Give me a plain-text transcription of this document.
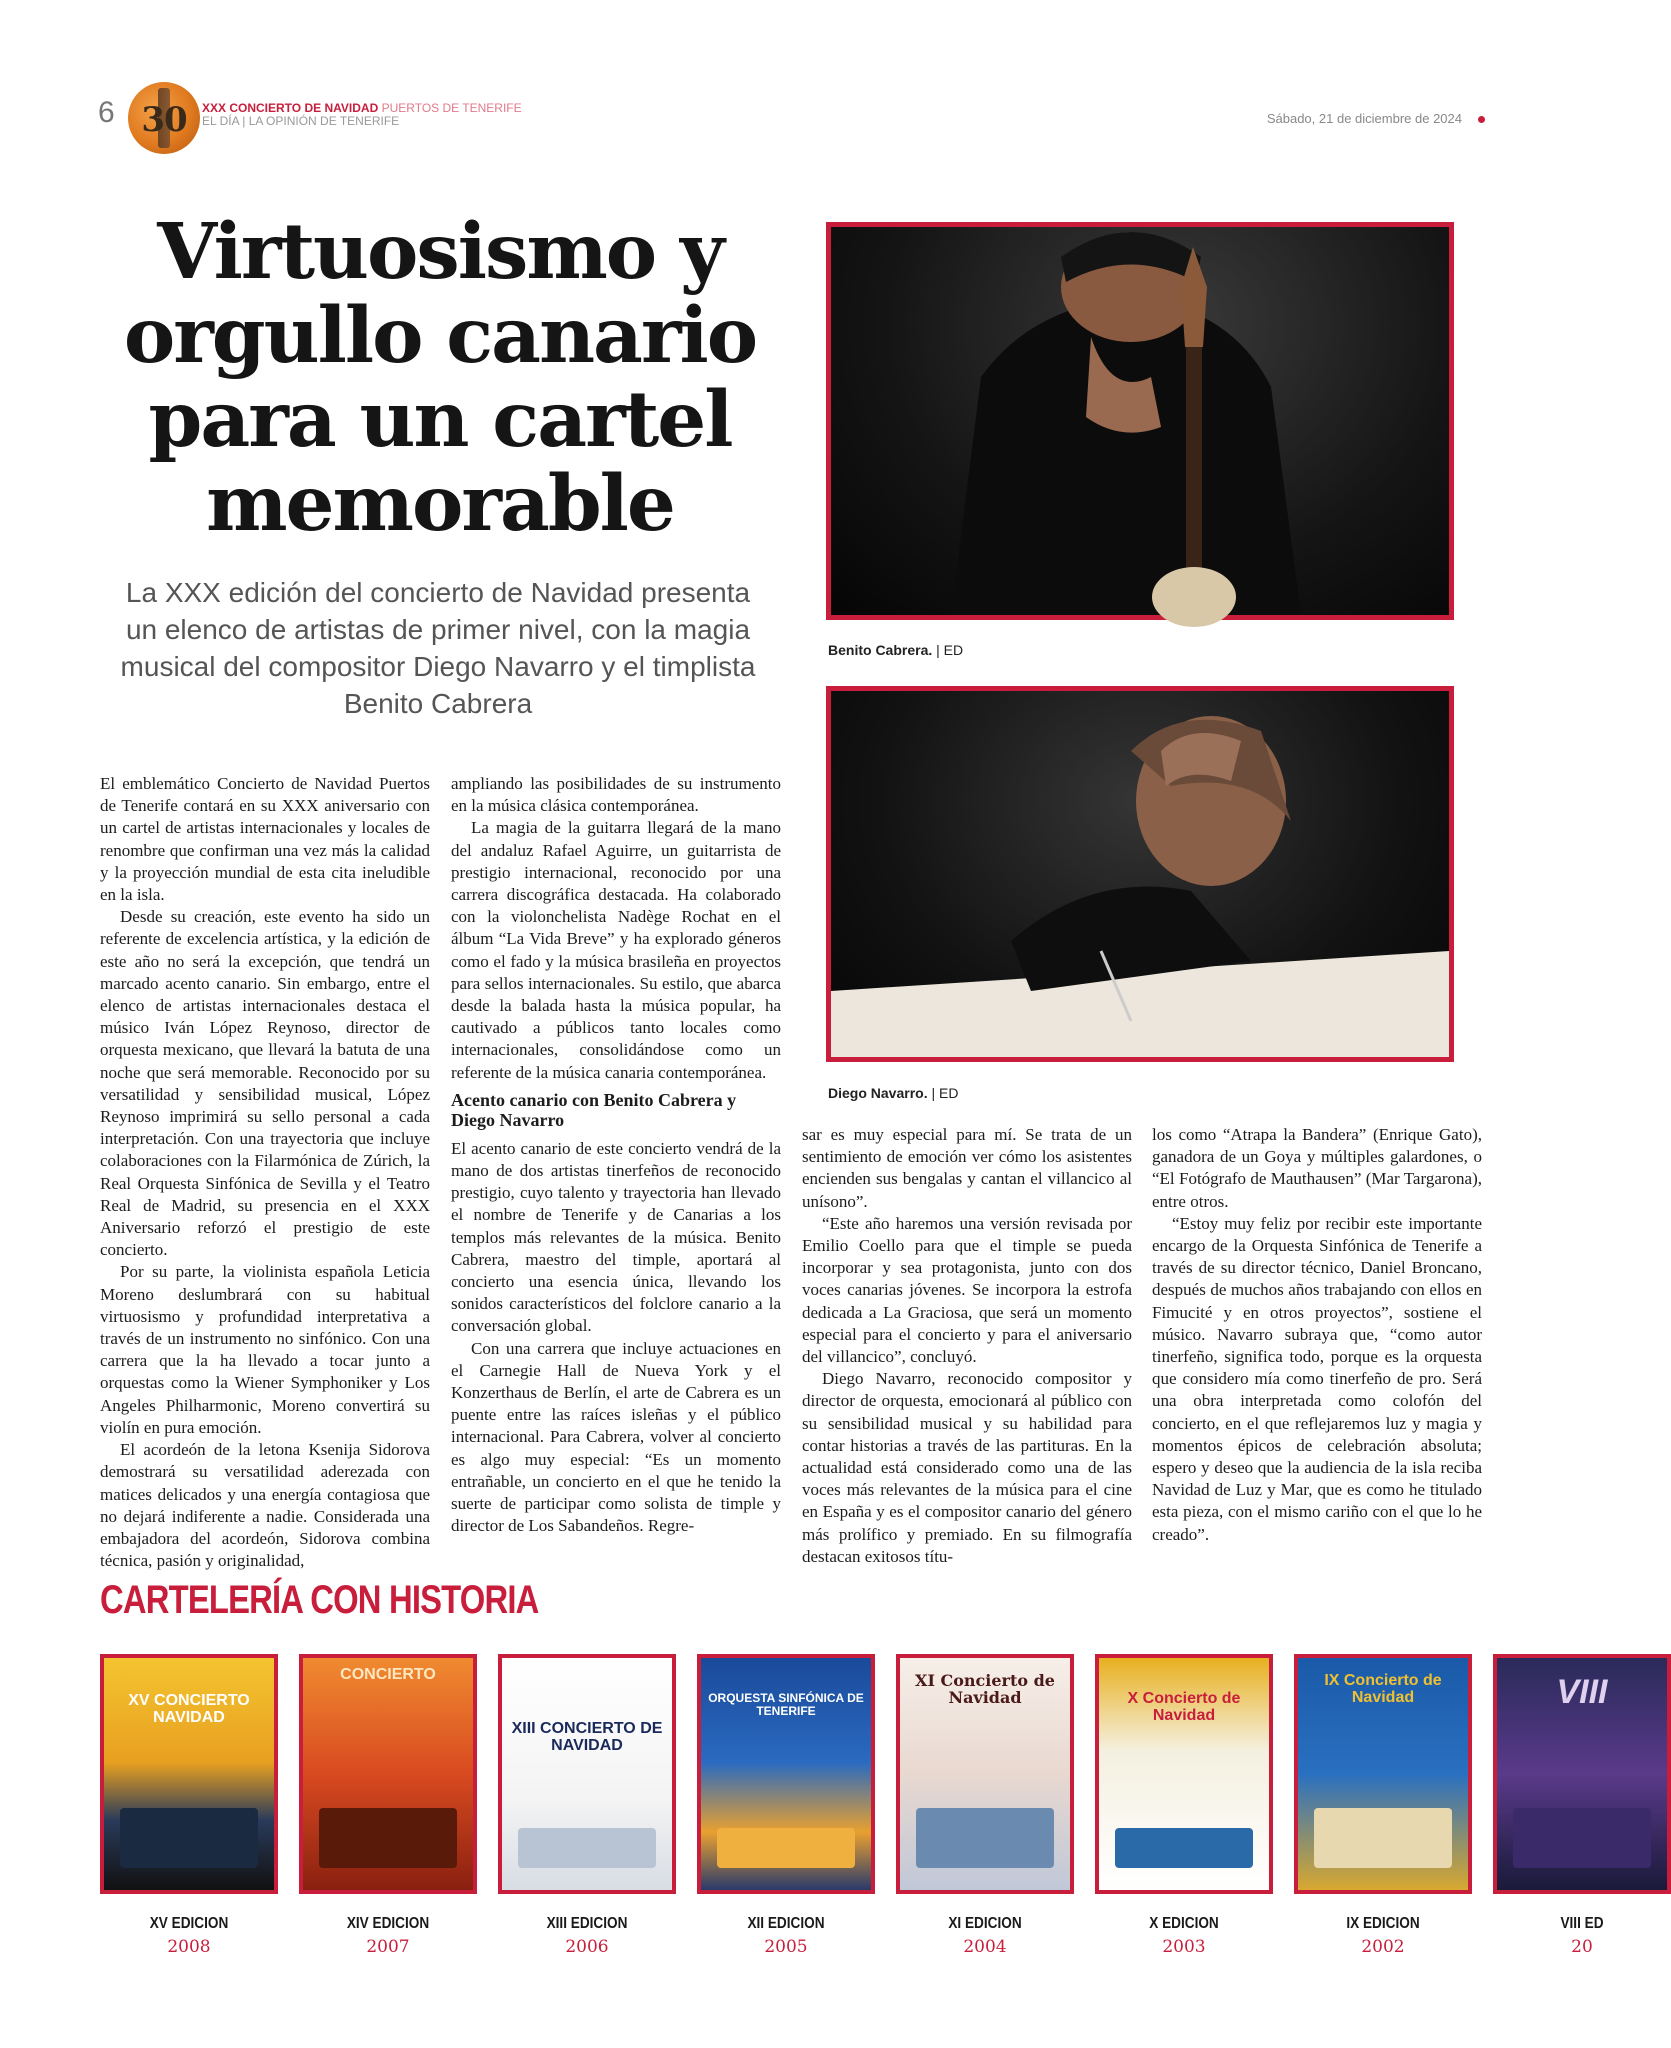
6 30	XXX CONCIERTO DE NAVIDAD PUERTOS DE TENERIFE
EL DÍA | LA OPINIÓN DE TENERIFE	Sábado, 21 de diciembre de 2024
Virtuosismo y orgullo canario para un cartel memorable

La XXX edición del concierto de Navidad presenta un elenco de artistas de primer nivel, con la magia musical del compositor Diego Navarro y el timplista Benito Cabrera

Benito Cabrera. | ED
Diego Navarro. | ED

El emblemático Concierto de Navidad Puertos de Tenerife contará en su XXX aniversario con un cartel de artistas internacionales y locales de renombre que confirman una vez más la calidad y la proyección mundial de esta cita ineludible en la isla.

Desde su creación, este evento ha sido un referente de excelencia artística, y la edición de este año no será la excepción, que tendrá un marcado acento canario. Sin embargo, entre el elenco de artistas internacionales destaca el músico Iván López Reynoso, director de orquesta mexicano, que llevará la batuta de una noche que será memorable. Reconocido por su versatilidad y sensibilidad musical, López Reynoso imprimirá su sello personal a cada interpretación. Con una trayectoria que incluye colaboraciones con la Filarmónica de Zúrich, la Real Orquesta Sinfónica de Sevilla y el Teatro Real de Madrid, su presencia en el XXX Aniversario reforzó el prestigio de este concierto.

Por su parte, la violinista española Leticia Moreno deslumbrará con su habitual virtuosismo y profundidad interpretativa a través de un instrumento no sinfónico. Con una carrera que la ha llevado a tocar junto a orquestas como la Wiener Symphoniker y Los Angeles Philharmonic, Moreno convertirá su violín en pura emoción.

El acordeón de la letona Ksenija Sidorova demostrará su versatilidad aderezada con matices delicados y una energía contagiosa que no dejará indiferente a nadie. Considerada una embajadora del acordeón, Sidorova combina técnica, pasión y originalidad,

ampliando las posibilidades de su instrumento en la música clásica contemporánea.

La magia de la guitarra llegará de la mano del andaluz Rafael Aguirre, un guitarrista de prestigio internacional, reconocido por una carrera discográfica destacada. Ha colaborado con la violonchelista Nadège Rochat en el álbum “La Vida Breve” y ha explorado géneros como el fado y la música brasileña en proyectos para sellos internacionales. Su estilo, que abarca desde la balada hasta la música popular, ha cautivado a públicos tanto locales como internacionales, consolidándose como un referente de la música canaria contemporánea.

Acento canario con Benito Cabrera y Diego Navarro

El acento canario de este concierto vendrá de la mano de dos artistas tinerfeños de reconocido prestigio, cuyo talento y trayectoria han llevado el nombre de Tenerife y de Canarias a los templos más relevantes de la música. Benito Cabrera, maestro del timple, aportará al concierto una esencia única, llevando los sonidos característicos del folclore canario a la conversación global.

Con una carrera que incluye actuaciones en el Carnegie Hall de Nueva York y el Konzerthaus de Berlín, el arte de Cabrera es un puente entre las raíces isleñas y el público internacional. Para Cabrera, volver al concierto es algo muy especial: “Es un momento entrañable, un concierto en el que he tenido la suerte de participar como solista de timple y director de Los Sabandeños. Regre-

sar es muy especial para mí. Se trata de un sentimiento de emoción ver cómo los asistentes encienden sus bengalas y cantan el villancico al unísono”.

“Este año haremos una versión revisada por Emilio Coello para que el timple se pueda incorporar y sea protagonista, junto con dos voces canarias jóvenes. Se incorpora la estrofa dedicada a La Graciosa, que será un momento especial para el concierto y para el aniversario del villancico”, concluyó.

Diego Navarro, reconocido compositor y director de orquesta, emocionará al público con su sensibilidad musical y su habilidad para contar historias a través de las partituras. En la actualidad está considerado como una de las voces más relevantes de la música para el cine en España y es el compositor canario del género más prolífico y premiado. En su filmografía destacan exitosos títu-

los como “Atrapa la Bandera” (Enrique Gato), ganadora de un Goya y múltiples galardones, o “El Fotógrafo de Mauthausen” (Mar Targarona), entre otros.

“Estoy muy feliz por recibir este importante encargo de la Orquesta Sinfónica de Tenerife a través de su director técnico, Daniel Broncano, después de muchos años trabajando con ellos en Fimucité y en otros proyectos”, sostiene el músico. Navarro subraya que, “como autor tinerfeño, significa todo, porque es la orquesta que considero mía como tinerfeño de pro. Será una obra interpretada como colofón del concierto, en el que reflejaremos luz y magia y momentos épicos de celebración absoluta; espero y deseo que la audiencia de la isla reciba Navidad de Luz y Mar, que es como he titulado esta pieza, con el mismo cariño con el que lo he creado”.

CARTELERÍA CON HISTORIA
XV CONCIERTO NAVIDAD
XV EDICION
2008
CONCIERTO
XIV EDICION
2007
XIII CONCIERTO DE NAVIDAD
XIII EDICION
2006
ORQUESTA SINFÓNICA DE TENERIFE
XII EDICION
2005
XI Concierto de Navidad
XI EDICION
2004
X Concierto de Navidad
X EDICION
2003
IX Concierto de Navidad
IX EDICION
2002
VIII
VIII ED
20
